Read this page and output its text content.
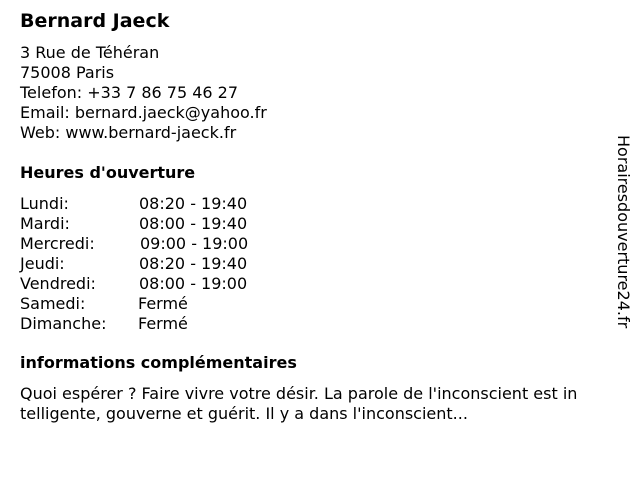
Bernard Jaeck
3 Rue de Téhéran
75008 Paris
Telefon: +33 7 86 75 46 27
Email: bernard.jaeck@yahoo.fr
Web: www.bernard-jaeck.fr
Heures d'ouverture
Lundi:	08:20 - 19:40
Mardi:	08:00 - 19:40
Mercredi:	09:00 - 19:00
Jeudi:	08:20 - 19:40
Vendredi:	08:00 - 19:00
Samedi:	Fermé
Dimanche: Fermé
informations complémentaires
Quoi espérer ? Faire vivre votre désir. La parole de l'inconscient est intelligente, gouverne et guérit. Il y a dans l'inconscient...
Horairesdouverture24.fr
